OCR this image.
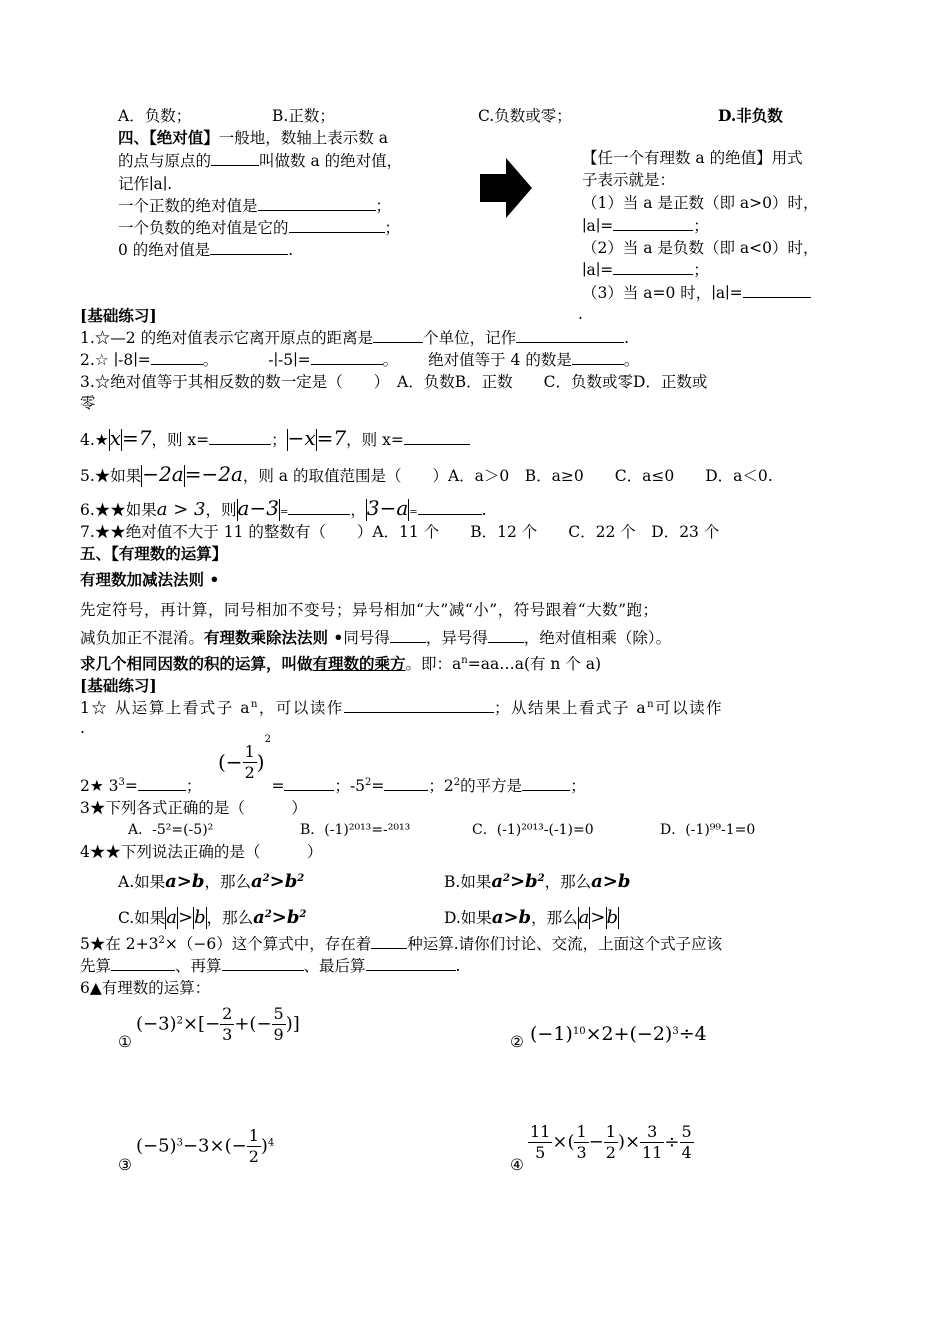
A．负数；	B.正数；	C.负数或零；	D.非负数
四、【绝对值】一般地，数轴上表示数 a
的点与原点的	叫做数 a 的绝对值，
记作∣a∣.
一个正数的绝对值是	；
一个负数的绝对值是它的	；
0 的绝对值是	.
【任一个有理数 a 的绝值】用式
子表示就是：
（1）当 a 是正数（即 a>0）时，
∣a∣=	；
（2）当 a 是负数（即 a<0）时，
∣a∣=	；
（3）当 a=0 时，∣a∣=
.
[基础练习]
1.☆—2 的绝对值表示它离开原点的距离是	个单位，记作	.
2.☆ ∣-8∣=	。	-∣-5∣=	。 绝对值等于 4 的数是	。
3.☆绝对值等于其相反数的数一定是（　　）　A．负数B．正数　　C．负数或零D．正数或
零
4.★x=7，则 x=	；−x=7，则 x=
5.★如果−2a=−2a，则 a 的取值范围是（　　）A．a＞0　B．a≥0　　C．a≤0　　D．a＜0.
6.★★如果a > 3，则a−3=	，3−a=	.
7.★★绝对值不大于 11 的整数有（　　）A．11 个　　B．12 个　　C．22 个　D．23 个
五、【有理数的运算】
有理数加减法法则 •
先定符号，再计算，同号相加不变号；异号相加“大”减“小”，符号跟着“大数”跑；
减负加正不混淆。有理数乘除法法则 •同号得 ，异号得 ，绝对值相乘（除）。
求几个相同因数的积的运算，叫做有理数的乘方。即：$a^n=aa\dots a$(有 n 个 a)
[基础练习]
1☆ 从运算上看式子 $a^n$，可以读作	；从结果上看式子 $a^n$可以读作
.
(− $\frac{1}{2} )^2$
2★ $3^3=$	；	=	；$-5^2=$	；$2^2$的平方是	；
3★下列各式正确的是（　　　）
A．-5²=(-5)²	B．(-1)²⁰¹³=-²⁰¹³	C．(-1)²⁰¹³-(-1)=0	D．(-1)⁹⁹-1=0
4★★下列说法正确的是（　　　）
A.如果a>b，那么$a^2>b^2$	B.如果$a^2>b^2$，那么a>b
C.如果a>b，那么$a^2>b^2$	D.如果a>b，那么a>b
5★在 $2+3^2\times(-6)$这个算式中，存在着 种运算.请你们讨论、交流，上面这个式子应该
先算	、再算	、最后算	.
6▲有理数的运算：
①
$(-3)^2\times[- \frac{2}{3}$ +(− $\frac{5}{9}$ )]
② $(-1)^{10}\times 2+(-2)^3\div 4$
③
$(-5)^3-3\times(- \frac{1}{2} )^4$
④
$\frac{11}{5}$ ×( $\frac{1}{3} - \frac{1}{2}$ )× $\frac{3}{11} \div \frac{5}{4}$
